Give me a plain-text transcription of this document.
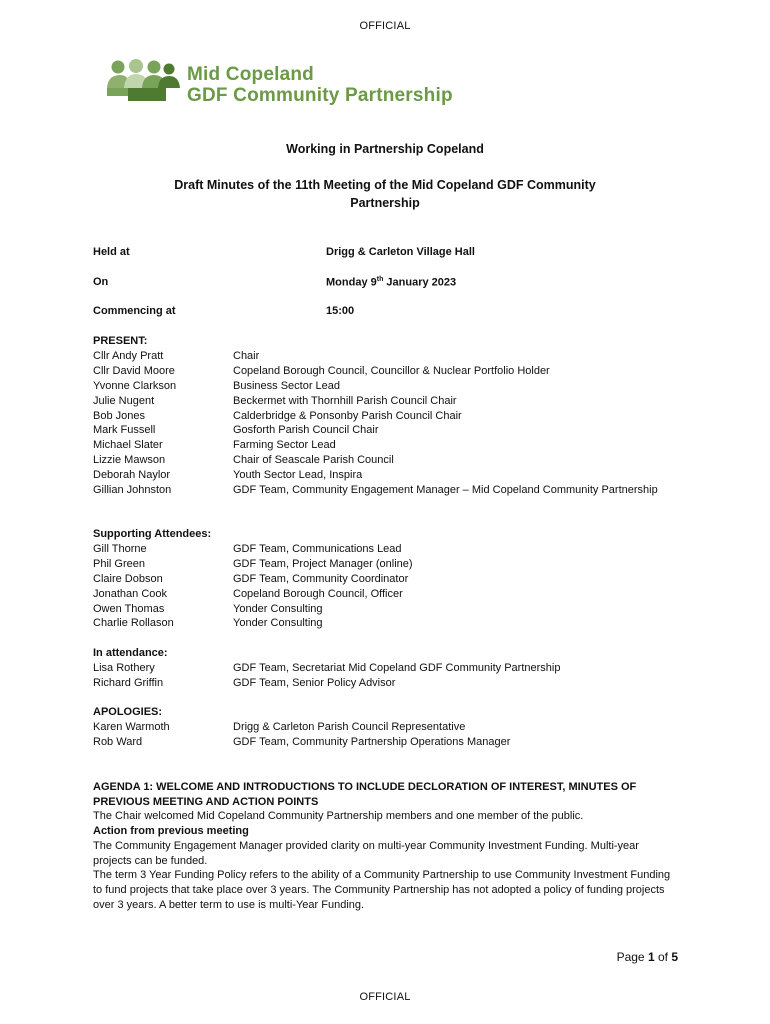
OFFICIAL
Mid Copeland
GDF Community Partnership
Working in Partnership Copeland
Draft Minutes of the 11th Meeting of the Mid Copeland GDF Community
Partnership
Held at	Drigg & Carleton Village Hall
On	Monday 9th January 2023
Commencing at	15:00
PRESENT:
Cllr Andy Pratt	Chair
Cllr David Moore	Copeland Borough Council, Councillor & Nuclear Portfolio Holder
Yvonne Clarkson	Business Sector Lead
Julie Nugent	Beckermet with Thornhill Parish Council Chair
Bob Jones	Calderbridge & Ponsonby Parish Council Chair
Mark Fussell	Gosforth Parish Council Chair
Michael Slater	Farming Sector Lead
Lizzie Mawson	Chair of Seascale Parish Council
Deborah Naylor	Youth Sector Lead, Inspira
Gillian Johnston	GDF Team, Community Engagement Manager – Mid Copeland Community Partnership
Supporting Attendees:
Gill Thorne	GDF Team, Communications Lead
Phil Green	GDF Team, Project Manager (online)
Claire Dobson	GDF Team, Community Coordinator
Jonathan Cook	Copeland Borough Council, Officer
Owen Thomas	Yonder Consulting
Charlie Rollason	Yonder Consulting
In attendance:
Lisa Rothery	GDF Team, Secretariat Mid Copeland GDF Community Partnership
Richard Griffin	GDF Team, Senior Policy Advisor
APOLOGIES:
Karen Warmoth	Drigg & Carleton Parish Council Representative
Rob Ward	GDF Team, Community Partnership Operations Manager

AGENDA 1: WELCOME AND INTRODUCTIONS TO INCLUDE DECLORATION OF INTEREST, MINUTES OF PREVIOUS MEETING AND ACTION POINTS

The Chair welcomed Mid Copeland Community Partnership members and one member of the public.

Action from previous meeting

The Community Engagement Manager provided clarity on multi-year Community Investment Funding. Multi-year projects can be funded.

The term 3 Year Funding Policy refers to the ability of a Community Partnership to use Community Investment Funding to fund projects that take place over 3 years. The Community Partnership has not adopted a policy of funding projects over 3 years. A better term to use is multi-Year Funding.

Page 1 of 5
OFFICIAL
